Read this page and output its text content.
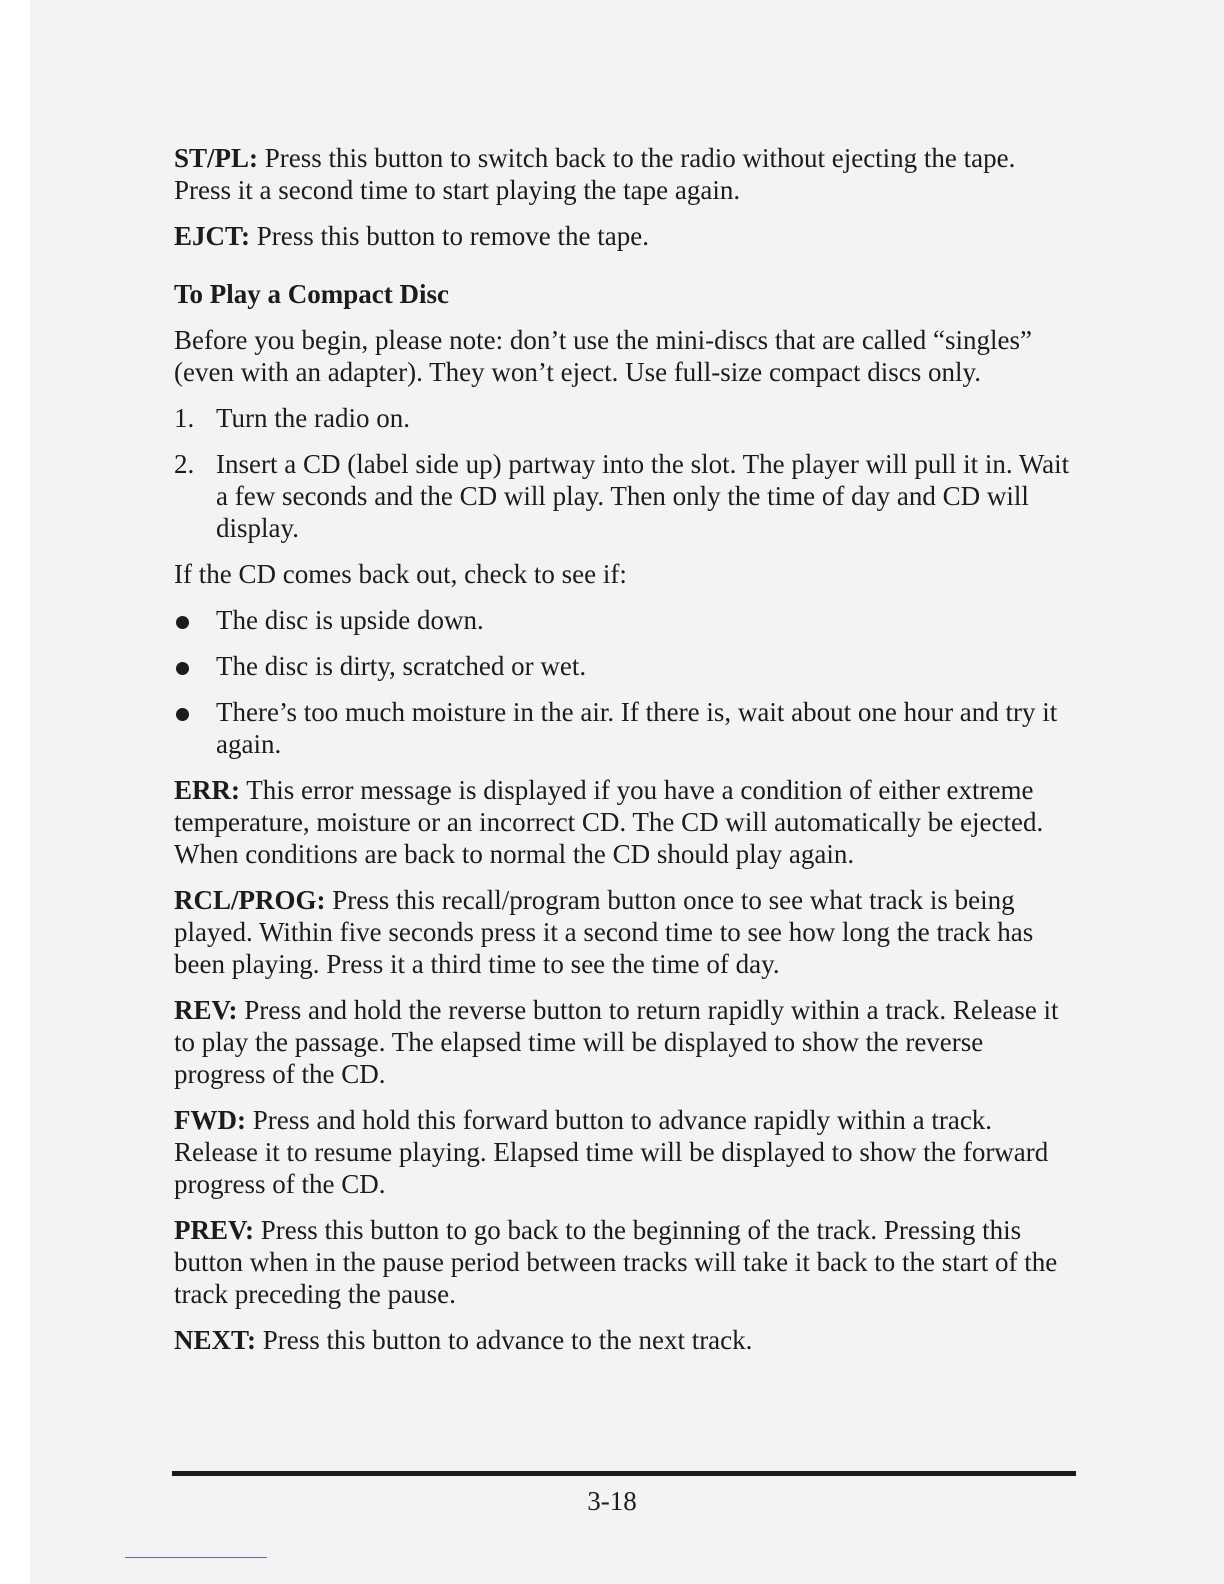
ST/PL: Press this button to switch back to the radio without ejecting the tape. Press it a second time to start playing the tape again.

EJCT: Press this button to remove the tape.

To Play a Compact Disc

Before you begin, please note: don’t use the mini-discs that are called “singles” (even with an adapter). They won’t eject. Use full-size compact discs only.

1. Turn the radio on.
2. Insert a CD (label side up) partway into the slot. The player will pull it in. Wait a few seconds and the CD will play. Then only the time of day and CD will display.

If the CD comes back out, check to see if:

The disc is upside down.
The disc is dirty, scratched or wet.
There’s too much moisture in the air. If there is, wait about one hour and try it again.

ERR: This error message is displayed if you have a condition of either extreme temperature, moisture or an incorrect CD. The CD will automatically be ejected. When conditions are back to normal the CD should play again.

RCL/PROG: Press this recall/program button once to see what track is being played. Within five seconds press it a second time to see how long the track has been playing. Press it a third time to see the time of day.

REV: Press and hold the reverse button to return rapidly within a track. Release it to play the passage. The elapsed time will be displayed to show the reverse progress of the CD.

FWD: Press and hold this forward button to advance rapidly within a track. Release it to resume playing. Elapsed time will be displayed to show the forward progress of the CD.

PREV: Press this button to go back to the beginning of the track. Pressing this button when in the pause period between tracks will take it back to the start of the track preceding the pause.

NEXT: Press this button to advance to the next track.

3-18
